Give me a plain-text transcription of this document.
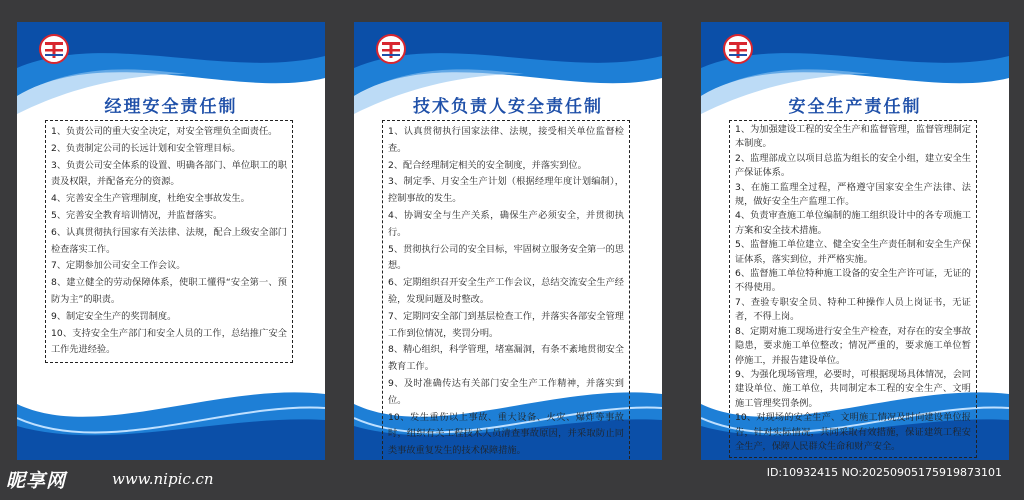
经理安全责任制

1、负责公司的重大安全决定，对安全管理负全面责任。

2、负责制定公司的长远计划和安全管理目标。

3、负责公司安全体系的设置、明确各部门、单位职工的职责及权限，并配备充分的资源。

4、完善安全生产管理制度，杜绝安全事故发生。

5、完善安全教育培训情况，并监督落实。

6、认真贯彻执行国家有关法律、法规，配合上级安全部门检查落实工作。

7、定期参加公司安全工作会议。

8、建立健全的劳动保障体系，使职工懂得“安全第一、预防为主”的职责。

9、制定安全生产的奖罚制度。

10、支持安全生产部门和安全人员的工作，总结推广安全工作先进经验。

技术负责人安全责任制

1、认真贯彻执行国家法律、法规，接受相关单位监督检查。

2、配合经理制定相关的安全制度，并落实到位。

3、制定季、月安全生产计划（根据经理年度计划编制），控制事故的发生。

4、协调安全与生产关系，确保生产必须安全，并贯彻执行。

5、贯彻执行公司的安全目标，牢固树立服务安全第一的思想。

6、定期组织召开安全生产工作会议，总结交流安全生产经验，发现问题及时整改。

7、定期同安全部门到基层检查工作，并落实各部安全管理工作到位情况，奖罚分明。

8、精心组织，科学管理，堵塞漏洞，有条不紊地贯彻安全教育工作。

9、及时准确传达有关部门安全生产工作精神，并落实到位。

10、发生重伤以上事故、重大设备、火灾、爆炸等事故时，组织有关工程技术人员清查事故原因，并采取防止同类事故重复发生的技术保障措施。

安全生产责任制

1、为加强建设工程的安全生产和监督管理，监督管理制定本制度。

2、监理部成立以项目总监为组长的安全小组，建立安全生产保证体系。

3、在施工监理全过程，严格遵守国家安全生产法律、法规，做好安全生产监理工作。

4、负责审查施工单位编制的施工组织设计中的各专项施工方案和安全技术措施。

5、监督施工单位建立、健全安全生产责任制和安全生产保证体系，落实到位，并严格实施。

6、监督施工单位特种施工设备的安全生产许可证，无证的不得使用。

7、查验专职安全员、特种工种操作人员上岗证书，无证者，不得上岗。

8、定期对施工现场进行安全生产检查，对存在的安全事故隐患，要求施工单位整改；情况严重的，要求施工单位暂停施工，并报告建设单位。

9、为强化现场管理，必要时，可根据现场具体情况，会同建设单位、施工单位，共同制定本工程的安全生产、文明施工管理奖罚条例。

10、对现场的安全生产、文明施工情况及时向建设单位报告，针对实际情况，共同采取有效措施，保证建筑工程安全生产，保障人民群众生命和财产安全。

昵享网	www.nipic.cn	ID:10932415 NO:20250905175919873101
